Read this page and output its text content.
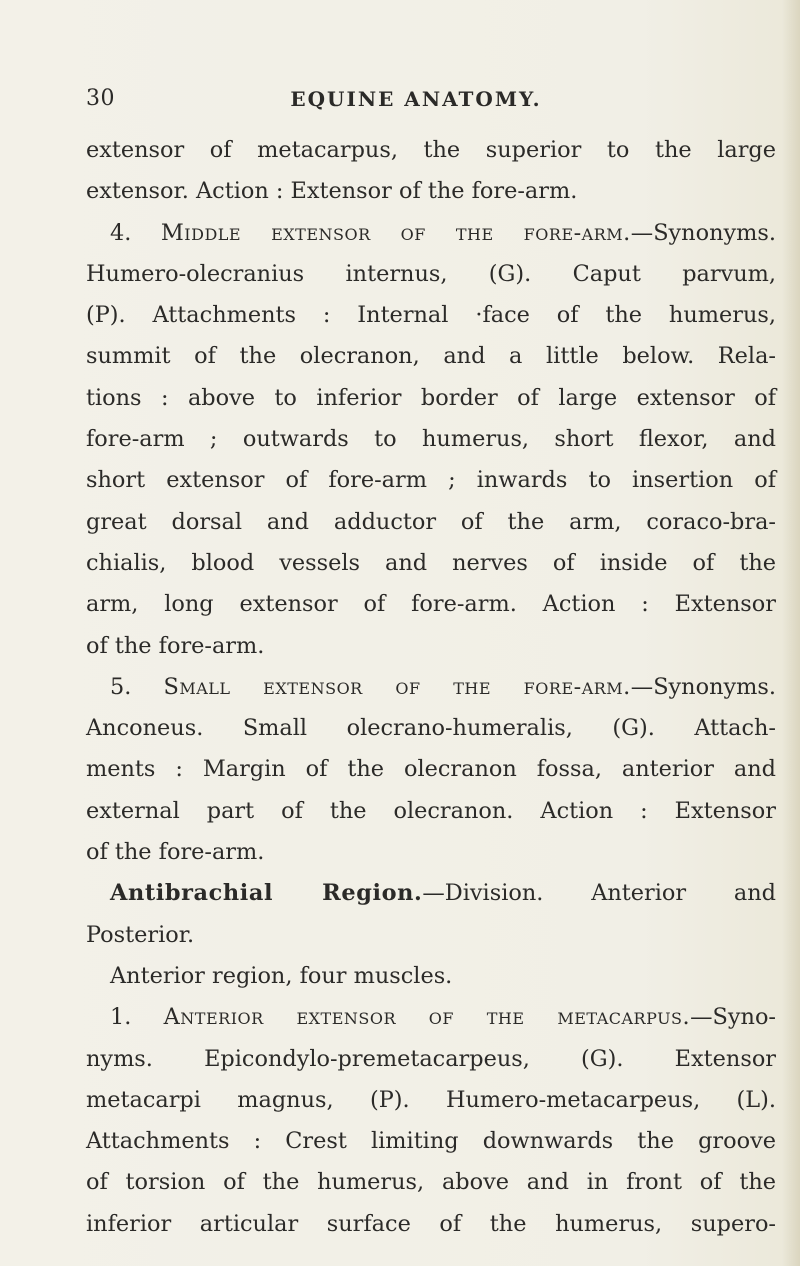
30	EQUINE ANATOMY.
extensor of metacarpus, the superior to the large
extensor. Action : Extensor of the fore-arm.
4. Middle extensor of the fore-arm.—Synonyms.
Humero-olecranius internus, (G). Caput parvum,
(P). Attachments : Internal ·face of the humerus,
summit of the olecranon, and a little below. Rela-
tions : above to inferior border of large extensor of
fore-arm ; outwards to humerus, short flexor, and
short extensor of fore-arm ; inwards to insertion of
great dorsal and adductor of the arm, coraco-bra-
chialis, blood vessels and nerves of inside of the
arm, long extensor of fore-arm. Action : Extensor
of the fore-arm.
5. Small extensor of the fore-arm.—Synonyms.
Anconeus. Small olecrano-humeralis, (G). Attach-
ments : Margin of the olecranon fossa, anterior and
external part of the olecranon. Action : Extensor
of the fore-arm.
Antibrachial Region.—Division. Anterior and
Posterior.
Anterior region, four muscles.
1. Anterior extensor of the metacarpus.—Syno-
nyms. Epicondylo-premetacarpeus, (G). Extensor
metacarpi magnus, (P). Humero-metacarpeus, (L).
Attachments : Crest limiting downwards the groove
of torsion of the humerus, above and in front of the
inferior articular surface of the humerus, supero-
